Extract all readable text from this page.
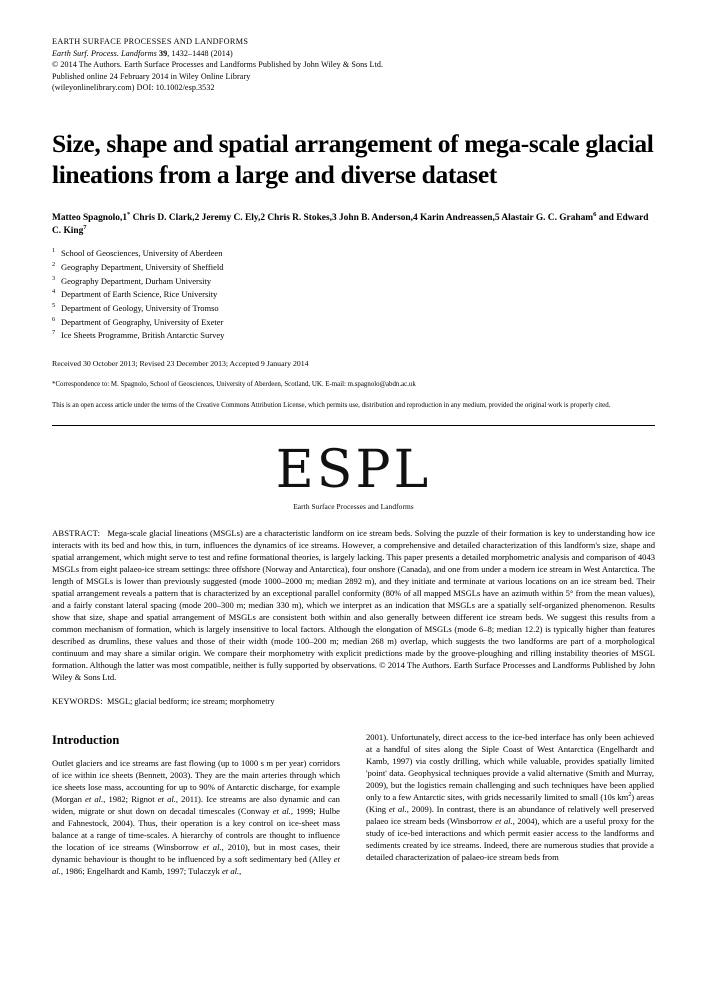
EARTH SURFACE PROCESSES AND LANDFORMS
Earth Surf. Process. Landforms 39, 1432–1448 (2014)
© 2014 The Authors. Earth Surface Processes and Landforms Published by John Wiley & Sons Ltd.
Published online 24 February 2014 in Wiley Online Library
(wileyonlinelibrary.com) DOI: 10.1002/esp.3532
Size, shape and spatial arrangement of mega-scale glacial lineations from a large and diverse dataset
Matteo Spagnolo,1* Chris D. Clark,2 Jeremy C. Ely,2 Chris R. Stokes,3 John B. Anderson,4 Karin Andreassen,5 Alastair G. C. Graham$^6$ and Edward C. King$^7$
1 School of Geosciences, University of Aberdeen
2 Geography Department, University of Sheffield
3 Geography Department, Durham University
4 Department of Earth Science, Rice University
5 Department of Geology, University of Tromso
6 Department of Geography, University of Exeter
7 Ice Sheets Programme, British Antarctic Survey
Received 30 October 2013; Revised 23 December 2013; Accepted 9 January 2014
*Correspondence to: M. Spagnolo, School of Geosciences, University of Aberdeen, Scotland, UK. E-mail: m.spagnolo@abdn.ac.uk
This is an open access article under the terms of the Creative Commons Attribution License, which permits use, distribution and reproduction in any medium, provided the original work is properly cited.
ESPL
Earth Surface Processes and Landforms
ABSTRACT: Mega-scale glacial lineations (MSGLs) are a characteristic landform on ice stream beds. Solving the puzzle of their formation is key to understanding how ice interacts with its bed and how this, in turn, influences the dynamics of ice streams. However, a comprehensive and detailed characterization of this landform's size, shape and spatial arrangement, which might serve to test and refine formational theories, is largely lacking. This paper presents a detailed morphometric analysis and comparison of 4043 MSGLs from eight palaeo-ice stream settings: three offshore (Norway and Antarctica), four onshore (Canada), and one from under a modern ice stream in West Antarctica. The length of MSGLs is lower than previously suggested (mode 1000–2000 m; median 2892 m), and they initiate and terminate at various locations on an ice stream bed. Their spatial arrangement reveals a pattern that is characterized by an exceptional parallel conformity (80% of all mapped MSGLs have an azimuth within 5° from the mean values), and a fairly constant lateral spacing (mode 200–300 m; median 330 m), which we interpret as an indication that MSGLs are a spatially self-organized phenomenon. Results show that size, shape and spatial arrangement of MSGLs are consistent both within and also generally between different ice stream beds. We suggest this results from a common mechanism of formation, which is largely insensitive to local factors. Although the elongation of MSGLs (mode 6–8; median 12.2) is typically higher than features described as drumlins, these values and those of their width (mode 100–200 m; median 268 m) overlap, which suggests the two landforms are part of a morphological continuum and may share a similar origin. We compare their morphometry with explicit predictions made by the groove-ploughing and rilling instability theories of MSGL formation. Although the latter was most compatible, neither is fully supported by observations. © 2014 The Authors. Earth Surface Processes and Landforms Published by John Wiley & Sons Ltd.
KEYWORDS: MSGL; glacial bedform; ice stream; morphometry
Introduction

Outlet glaciers and ice streams are fast flowing (up to 1000 s m per year) corridors of ice within ice sheets (Bennett, 2003). They are the main arteries through which ice sheets lose mass, accounting for up to 90% of Antarctic discharge, for example (Morgan et al., 1982; Rignot et al., 2011). Ice streams are also dynamic and can widen, migrate or shut down on decadal timescales (Conway et al., 1999; Hulbe and Fahnestock, 2004). Thus, their operation is a key control on ice-sheet mass balance at a range of time-scales. A hierarchy of controls are thought to influence the location of ice streams (Winsborrow et al., 2010), but in most cases, their dynamic behaviour is thought to be influenced by a soft sedimentary bed (Alley et al., 1986; Engelhardt and Kamb, 1997; Tulaczyk et al.,

2001). Unfortunately, direct access to the ice-bed interface has only been achieved at a handful of sites along the Siple Coast of West Antarctica (Engelhardt and Kamb, 1997) via costly drilling, which while valuable, provides spatially limited 'point' data. Geophysical techniques provide a valid alternative (Smith and Murray, 2009), but the logistics remain challenging and such techniques have been applied only to a few Antarctic sites, with grids necessarily limited to small (10s $km^2$) areas (King et al., 2009). In contrast, there is an abundance of relatively well preserved palaeo ice stream beds (Winsborrow et al., 2004), which are a useful proxy for the study of ice-bed interactions and which permit easier access to the landforms and sediments created by ice streams. Indeed, there are numerous studies that provide a detailed characterization of palaeo-ice stream beds from
